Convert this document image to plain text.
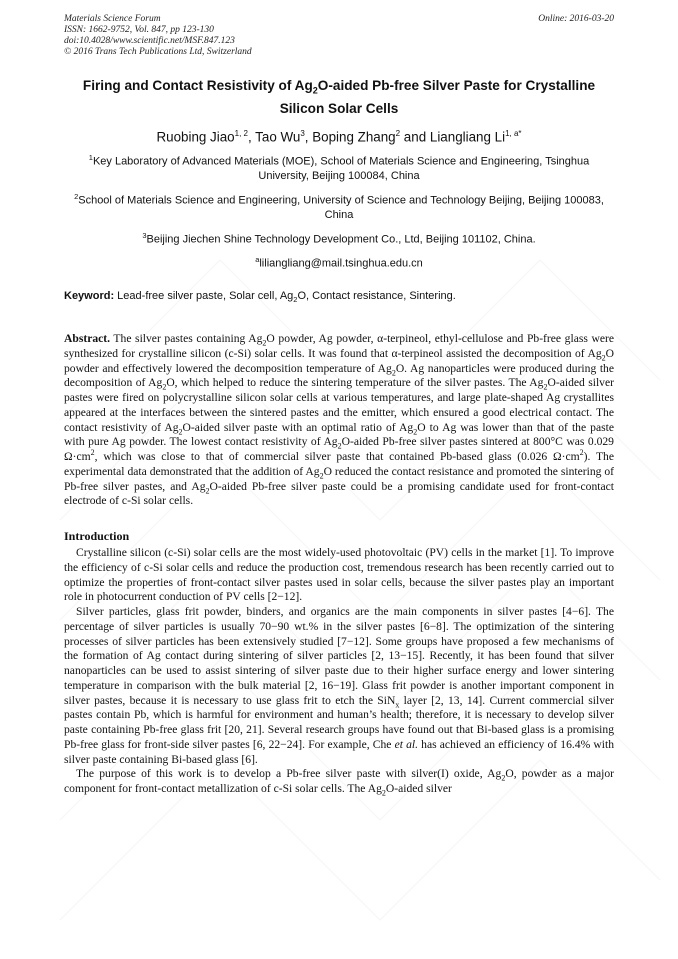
Materials Science Forum
ISSN: 1662-9752, Vol. 847, pp 123-130
doi:10.4028/www.scientific.net/MSF.847.123
© 2016 Trans Tech Publications Ltd, Switzerland
Online: 2016-03-20
Firing and Contact Resistivity of $Ag_2O$-aided Pb-free Silver Paste for Crystalline Silicon Solar Cells
Ruobing Jiao$^{1, 2}$, Tao Wu$^3$, Boping Zhang$^2$ and Liangliang $Li^{1, a*}$
$^1$Key Laboratory of Advanced Materials (MOE), School of Materials Science and Engineering, Tsinghua University, Beijing 100084, China
$^2$School of Materials Science and Engineering, University of Science and Technology Beijing, Beijing 100083, China
$^3$Beijing Jiechen Shine Technology Development Co., Ltd, Beijing 101102, China.
$^a$liliangliang@mail.tsinghua.edu.cn
Keyword: Lead-free silver paste, Solar cell, $Ag_2O$, Contact resistance, Sintering.
Abstract. The silver pastes containing $Ag_2O$ powder, Ag powder, α-terpineol, ethyl-cellulose and Pb-free glass were synthesized for crystalline silicon (c-Si) solar cells. It was found that α-terpineol assisted the decomposition of $Ag_2O$ powder and effectively lowered the decomposition temperature of $Ag_2O$. Ag nanoparticles were produced during the decomposition of $Ag_2O$, which helped to reduce the sintering temperature of the silver pastes. The $Ag_2O$-aided silver pastes were fired on polycrystalline silicon solar cells at various temperatures, and large plate-shaped Ag crystallites appeared at the interfaces between the sintered pastes and the emitter, which ensured a good electrical contact. The contact resistivity of $Ag_2O$-aided silver paste with an optimal ratio of $Ag_2O$ to Ag was lower than that of the paste with pure Ag powder. The lowest contact resistivity of $Ag_2O$-aided Pb-free silver pastes sintered at 800°C was 0.029 $\Omega\cdot cm^2$, which was close to that of commercial silver paste that contained Pb-based glass (0.026 $\Omega\cdot cm^2$). The experimental data demonstrated that the addition of $Ag_2O$ reduced the contact resistance and promoted the sintering of Pb-free silver pastes, and $Ag_2O$-aided Pb-free silver paste could be a promising candidate used for front-contact electrode of c-Si solar cells.
Introduction
Crystalline silicon (c-Si) solar cells are the most widely-used photovoltaic (PV) cells in the market [1]. To improve the efficiency of c-Si solar cells and reduce the production cost, tremendous research has been recently carried out to optimize the properties of front-contact silver pastes used in solar cells, because the silver pastes play an important role in photocurrent conduction of PV cells [2−12].
Silver particles, glass frit powder, binders, and organics are the main components in silver pastes [4−6]. The percentage of silver particles is usually 70−90 wt.% in the silver pastes [6−8]. The optimization of the sintering processes of silver particles has been extensively studied [7−12]. Some groups have proposed a few mechanisms of the formation of Ag contact during sintering of silver particles [2, 13−15]. Recently, it has been found that silver nanoparticles can be used to assist sintering of silver paste due to their higher surface energy and lower sintering temperature in comparison with the bulk material [2, 16−19]. Glass frit powder is another important component in silver pastes, because it is necessary to use glass frit to etch the SiN$_x$ layer [2, 13, 14]. Current commercial silver pastes contain Pb, which is harmful for environment and human’s health; therefore, it is necessary to develop silver paste containing Pb-free glass frit [20, 21]. Several research groups have found out that Bi-based glass is a promising Pb-free glass for front-side silver pastes [6, 22−24]. For example, Che et al. has achieved an efficiency of 16.4% with silver paste containing Bi-based glass [6].
The purpose of this work is to develop a Pb-free silver paste with silver(I) oxide, $Ag_2O$, powder as a major component for front-contact metallization of c-Si solar cells. The $Ag_2O$-aided silver
